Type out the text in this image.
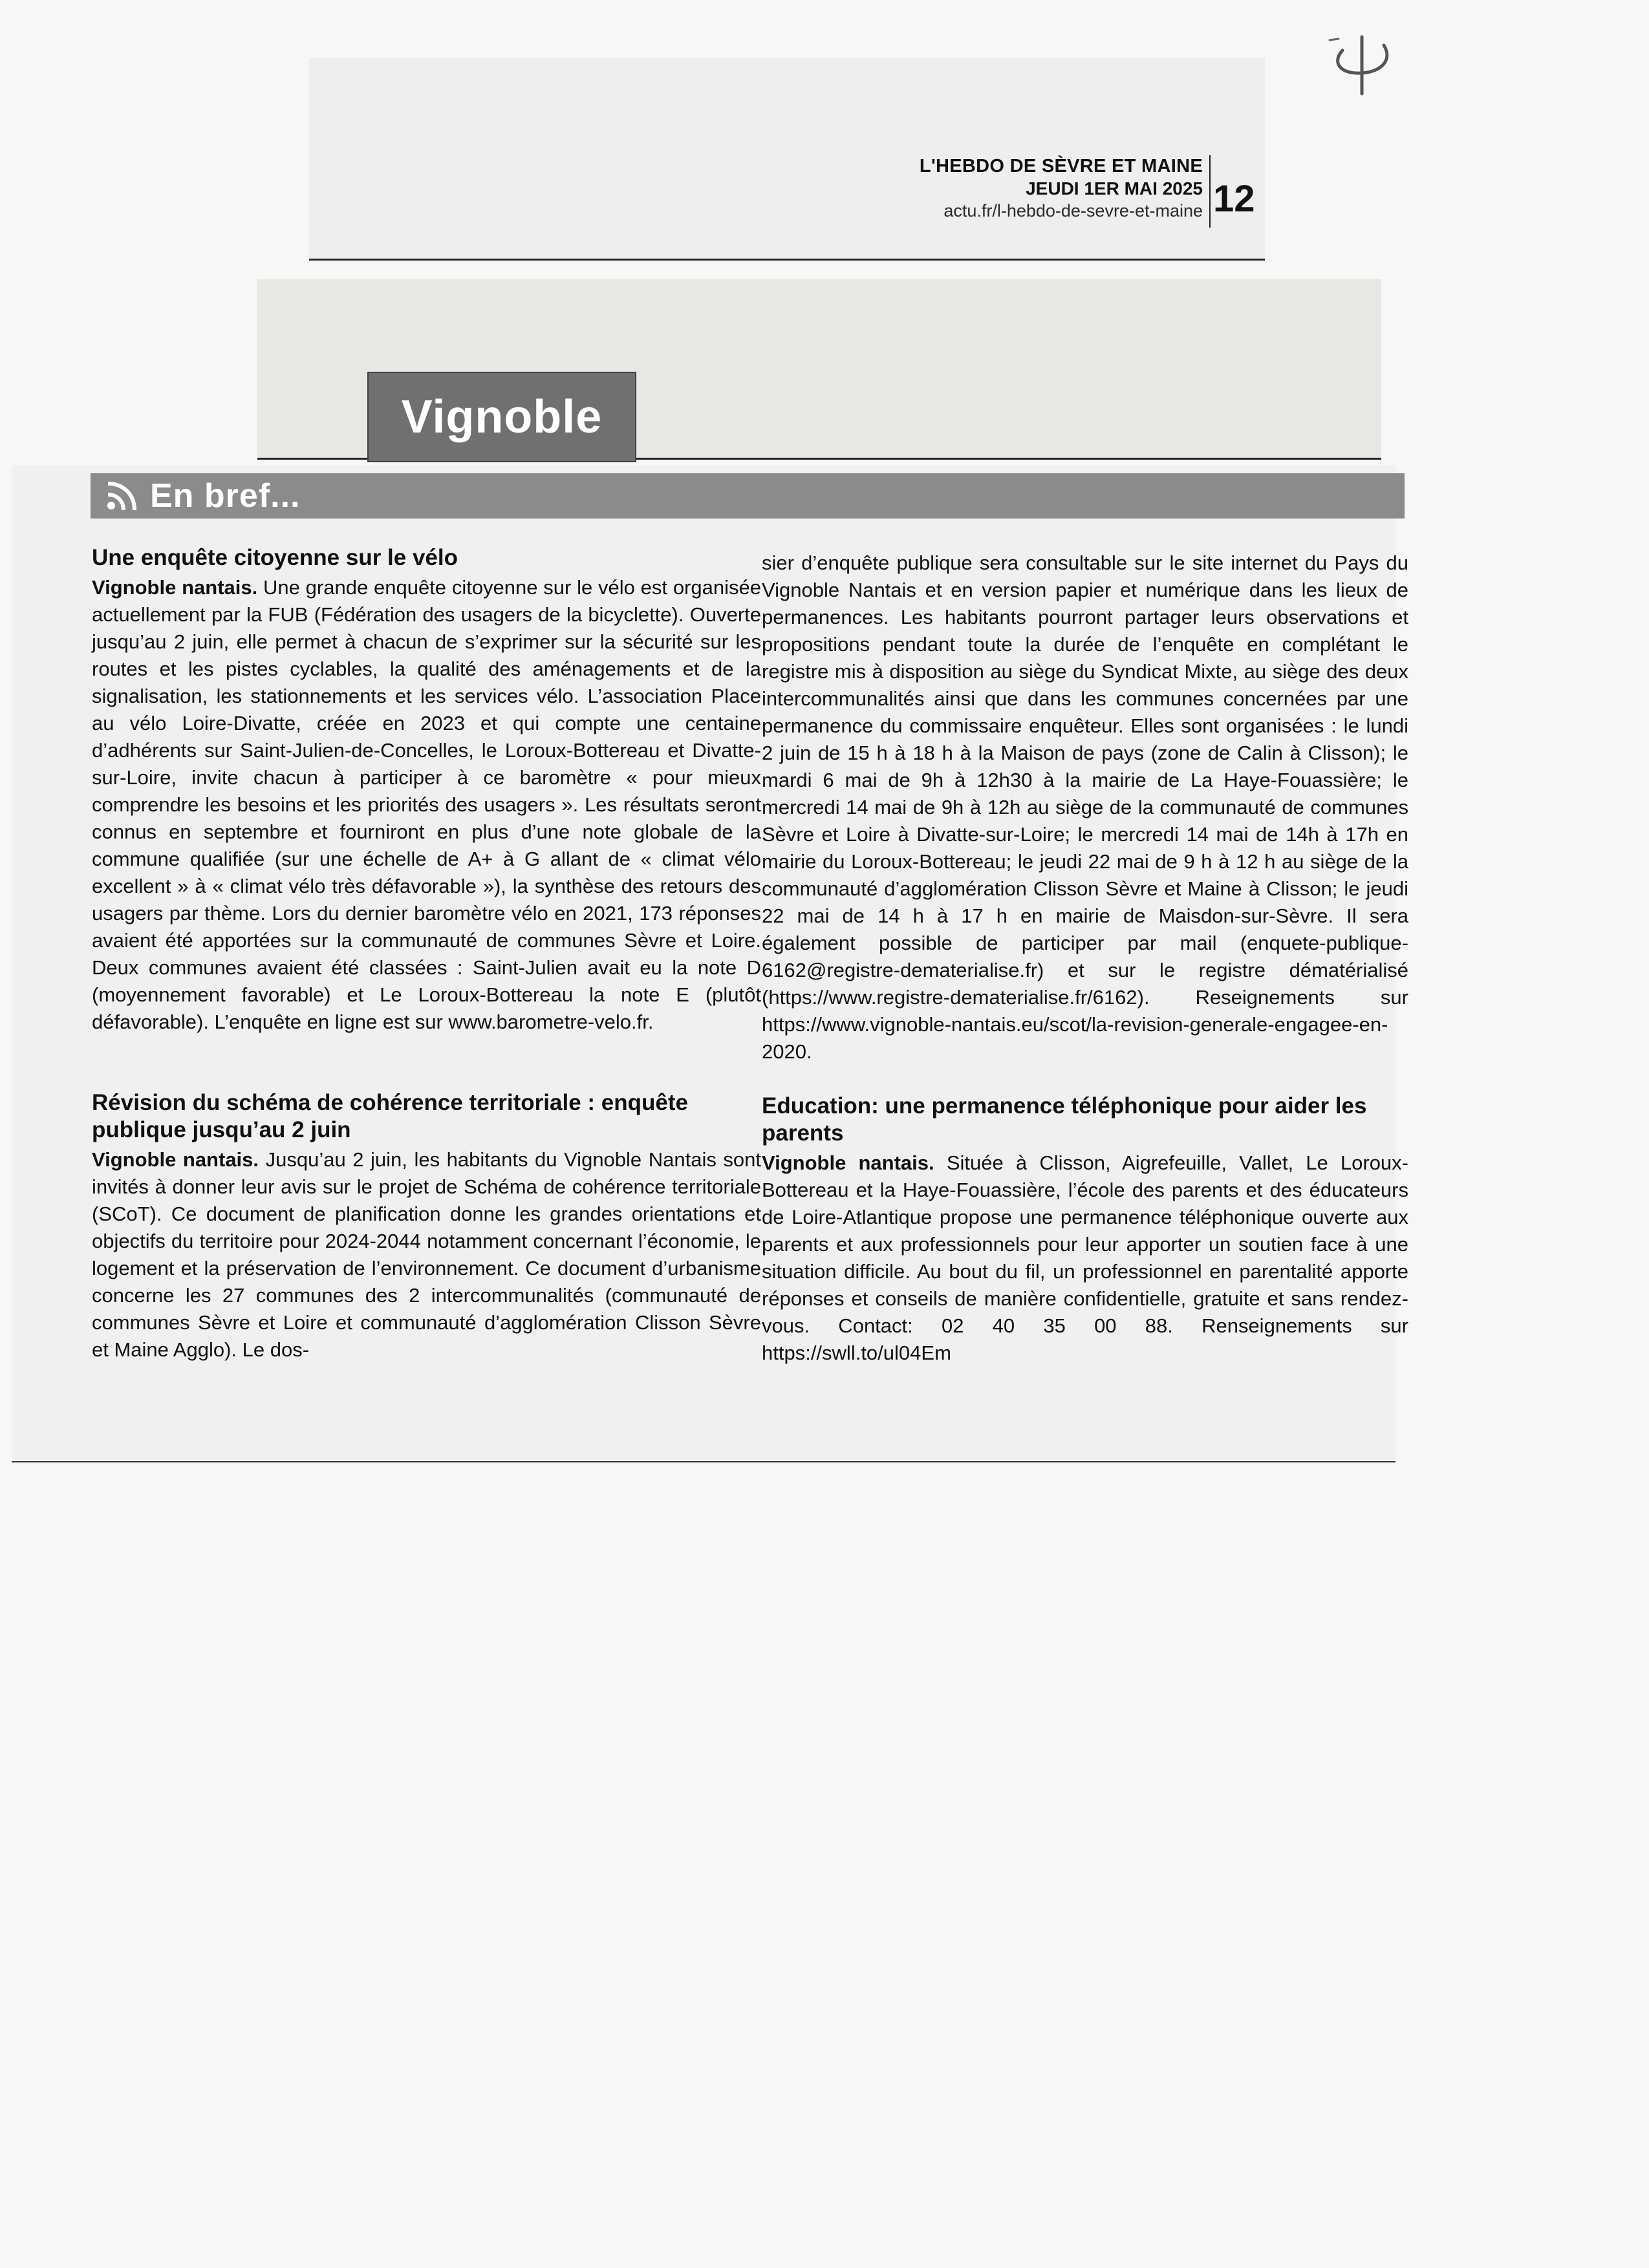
L'HEBDO DE SÈVRE ET MAINE
JEUDI 1ER MAI 2025
actu.fr/l-hebdo-de-sevre-et-maine 12
Vignoble
En bref...
Une enquête citoyenne sur le vélo

Vignoble nantais. Une grande enquête citoyenne sur le vélo est organisée actuellement par la FUB (Fédération des usagers de la bicyclette). Ouverte jusqu’au 2 juin, elle permet à chacun de s’exprimer sur la sécurité sur les routes et les pistes cyclables, la qualité des aménagements et de la signalisation, les stationnements et les services vélo. L’association Place au vélo Loire-Divatte, créée en 2023 et qui compte une centaine d’adhérents sur Saint-Julien-de-Concelles, le Loroux-Bottereau et Divatte-sur-Loire, invite chacun à participer à ce baromètre « pour mieux comprendre les besoins et les priorités des usagers ». Les résultats seront connus en septembre et fourniront en plus d’une note globale de la commune qualifiée (sur une échelle de A+ à G allant de « climat vélo excellent » à « climat vélo très défavorable »), la synthèse des retours des usagers par thème. Lors du dernier baromètre vélo en 2021, 173 réponses avaient été apportées sur la communauté de communes Sèvre et Loire. Deux communes avaient été classées : Saint-Julien avait eu la note D (moyennement favorable) et Le Loroux-Bottereau la note E (plutôt défavorable). L’enquête en ligne est sur www.barometre-velo.fr.

Révision du schéma de cohérence territoriale : enquête publique jusqu’au 2 juin

Vignoble nantais. Jusqu’au 2 juin, les habitants du Vignoble Nantais sont invités à donner leur avis sur le projet de Schéma de cohérence territoriale (SCoT). Ce document de planification donne les grandes orientations et objectifs du territoire pour 2024-2044 notamment concernant l’économie, le logement et la préservation de l’environnement. Ce document d’urbanisme concerne les 27 communes des 2 intercommunalités (communauté de communes Sèvre et Loire et communauté d’agglomération Clisson Sèvre et Maine Agglo). Le dos-

sier d’enquête publique sera consultable sur le site internet du Pays du Vignoble Nantais et en version papier et numérique dans les lieux de permanences. Les habitants pourront partager leurs observations et propositions pendant toute la durée de l’enquête en complétant le registre mis à disposition au siège du Syndicat Mixte, au siège des deux intercommunalités ainsi que dans les communes concernées par une permanence du commissaire enquêteur. Elles sont organisées : le lundi 2 juin de 15 h à 18 h à la Maison de pays (zone de Calin à Clisson); le mardi 6 mai de 9h à 12h30 à la mairie de La Haye-Fouassière; le mercredi 14 mai de 9h à 12h au siège de la communauté de communes Sèvre et Loire à Divatte-sur-Loire; le mercredi 14 mai de 14h à 17h en mairie du Loroux-Bottereau; le jeudi 22 mai de 9 h à 12 h au siège de la communauté d’agglomération Clisson Sèvre et Maine à Clisson; le jeudi 22 mai de 14 h à 17 h en mairie de Maisdon-sur-Sèvre. Il sera également possible de participer par mail (enquete-publique-6162@registre-dematerialise.fr) et sur le registre dématérialisé (https://www.registre-dematerialise.fr/6162). Reseignements sur https://www.vignoble-nantais.eu/scot/la-revision-generale-engagee-en-2020.

Education: une permanence téléphonique pour aider les parents

Vignoble nantais. Située à Clisson, Aigrefeuille, Vallet, Le Loroux-Bottereau et la Haye-Fouassière, l’école des parents et des éducateurs de Loire-Atlantique propose une permanence téléphonique ouverte aux parents et aux professionnels pour leur apporter un soutien face à une situation difficile. Au bout du fil, un professionnel en parentalité apporte réponses et conseils de manière confidentielle, gratuite et sans rendez-vous. Contact: 02 40 35 00 88. Renseignements sur https://swll.to/ul04Em
